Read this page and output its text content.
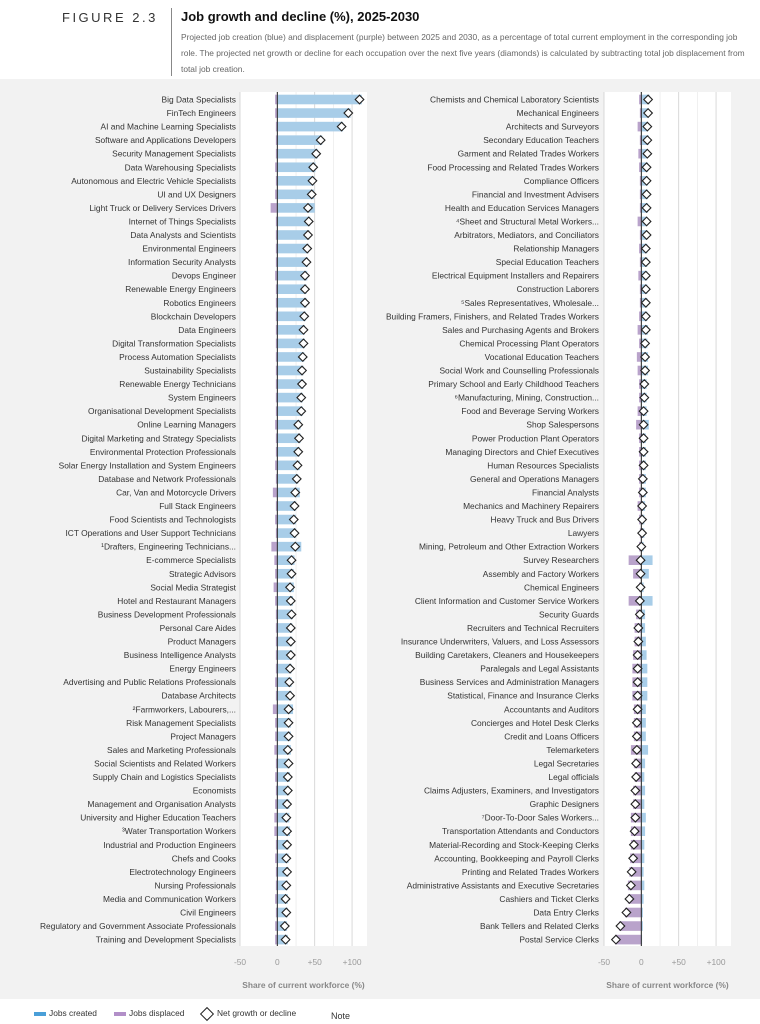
FIGURE 2.3 Job growth and decline (%), 2025-2030
Projected job creation (blue) and displacement (purple) between 2025 and 2030, as a percentage of total current employment in the corresponding job role. The projected net growth or decline for each occupation over the next five years (diamonds) is calculated by subtracting total job displacement from total job creation.
-50	0	+50 +100
Big Data Specialists
FinTech Engineers
AI and Machine Learning Specialists
Software and Applications Developers
Security Management Specialists
Data Warehousing Specialists
Autonomous and Electric Vehicle Specialists
UI and UX Designers
Light Truck or Delivery Services Drivers
Internet of Things Specialists
Data Analysts and Scientists
Environmental Engineers
Information Security Analysts
Devops Engineer
Renewable Energy Engineers
Robotics Engineers
Blockchain Developers
Data Engineers
Digital Transformation Specialists
Process Automation Specialists
Sustainability Specialists
Renewable Energy Technicians
System Engineers
Organisational Development Specialists
Online Learning Managers
Digital Marketing and Strategy Specialists
Environmental Protection Professionals
Solar Energy Installation and System Engineers
Database and Network Professionals
Car, Van and Motorcycle Drivers
Full Stack Engineers
Food Scientists and Technologists
ICT Operations and User Support Technicians
¹Drafters, Engineering Technicians...
E-commerce Specialists
Strategic Advisors
Social Media Strategist
Hotel and Restaurant Managers
Business Development Professionals
Personal Care Aides
Product Managers
Business Intelligence Analysts
Energy Engineers
Advertising and Public Relations Professionals
Database Architects
²Farmworkers, Labourers,...
Risk Management Specialists
Project Managers
Sales and Marketing Professionals
Social Scientists and Related Workers
Supply Chain and Logistics Specialists
Economists
Management and Organisation Analysts
University and Higher Education Teachers
³Water Transportation Workers
Industrial and Production Engineers
Chefs and Cooks
Electrotechnology Engineers
Nursing Professionals
Media and Communication Workers
Civil Engineers
Regulatory and Government Associate Professionals
Training and Development Specialists
Share of current workforce (%)
-50	0	+50 +100
Chemists and Chemical Laboratory Scientists
Mechanical Engineers
Architects and Surveyors
Secondary Education Teachers
Garment and Related Trades Workers
Food Processing and Related Trades Workers
Compliance Officers
Financial and Investment Advisers
Health and Education Services Managers
⁴Sheet and Structural Metal Workers...
Arbitrators, Mediators, and Conciliators
Relationship Managers
Special Education Teachers
Electrical Equipment Installers and Repairers
Construction Laborers
⁵Sales Representatives, Wholesale...
Building Framers, Finishers, and Related Trades Workers
Sales and Purchasing Agents and Brokers
Chemical Processing Plant Operators
Vocational Education Teachers
Social Work and Counselling Professionals
Primary School and Early Childhood Teachers
⁶Manufacturing, Mining, Construction...
Food and Beverage Serving Workers
Shop Salespersons
Power Production Plant Operators
Managing Directors and Chief Executives
Human Resources Specialists
General and Operations Managers
Financial Analysts
Mechanics and Machinery Repairers
Heavy Truck and Bus Drivers
Lawyers
Mining, Petroleum and Other Extraction Workers
Survey Researchers
Assembly and Factory Workers
Chemical Engineers
Client Information and Customer Service Workers
Security Guards
Recruiters and Technical Recruiters
Insurance Underwriters, Valuers, and Loss Assessors
Building Caretakers, Cleaners and Housekeepers
Paralegals and Legal Assistants
Business Services and Administration Managers
Statistical, Finance and Insurance Clerks
Accountants and Auditors
Concierges and Hotel Desk Clerks
Credit and Loans Officers
Telemarketers
Legal Secretaries
Legal officials
Claims Adjusters, Examiners, and Investigators
Graphic Designers
⁷Door-To-Door Sales Workers...
Transportation Attendants and Conductors
Material-Recording and Stock-Keeping Clerks
Accounting, Bookkeeping and Payroll Clerks
Printing and Related Trades Workers
Administrative Assistants and Executive Secretaries
Cashiers and Ticket Clerks
Data Entry Clerks
Bank Tellers and Related Clerks
Postal Service Clerks
Share of current workforce (%)
Jobs created	Jobs displaced	Net growth or decline	Note
